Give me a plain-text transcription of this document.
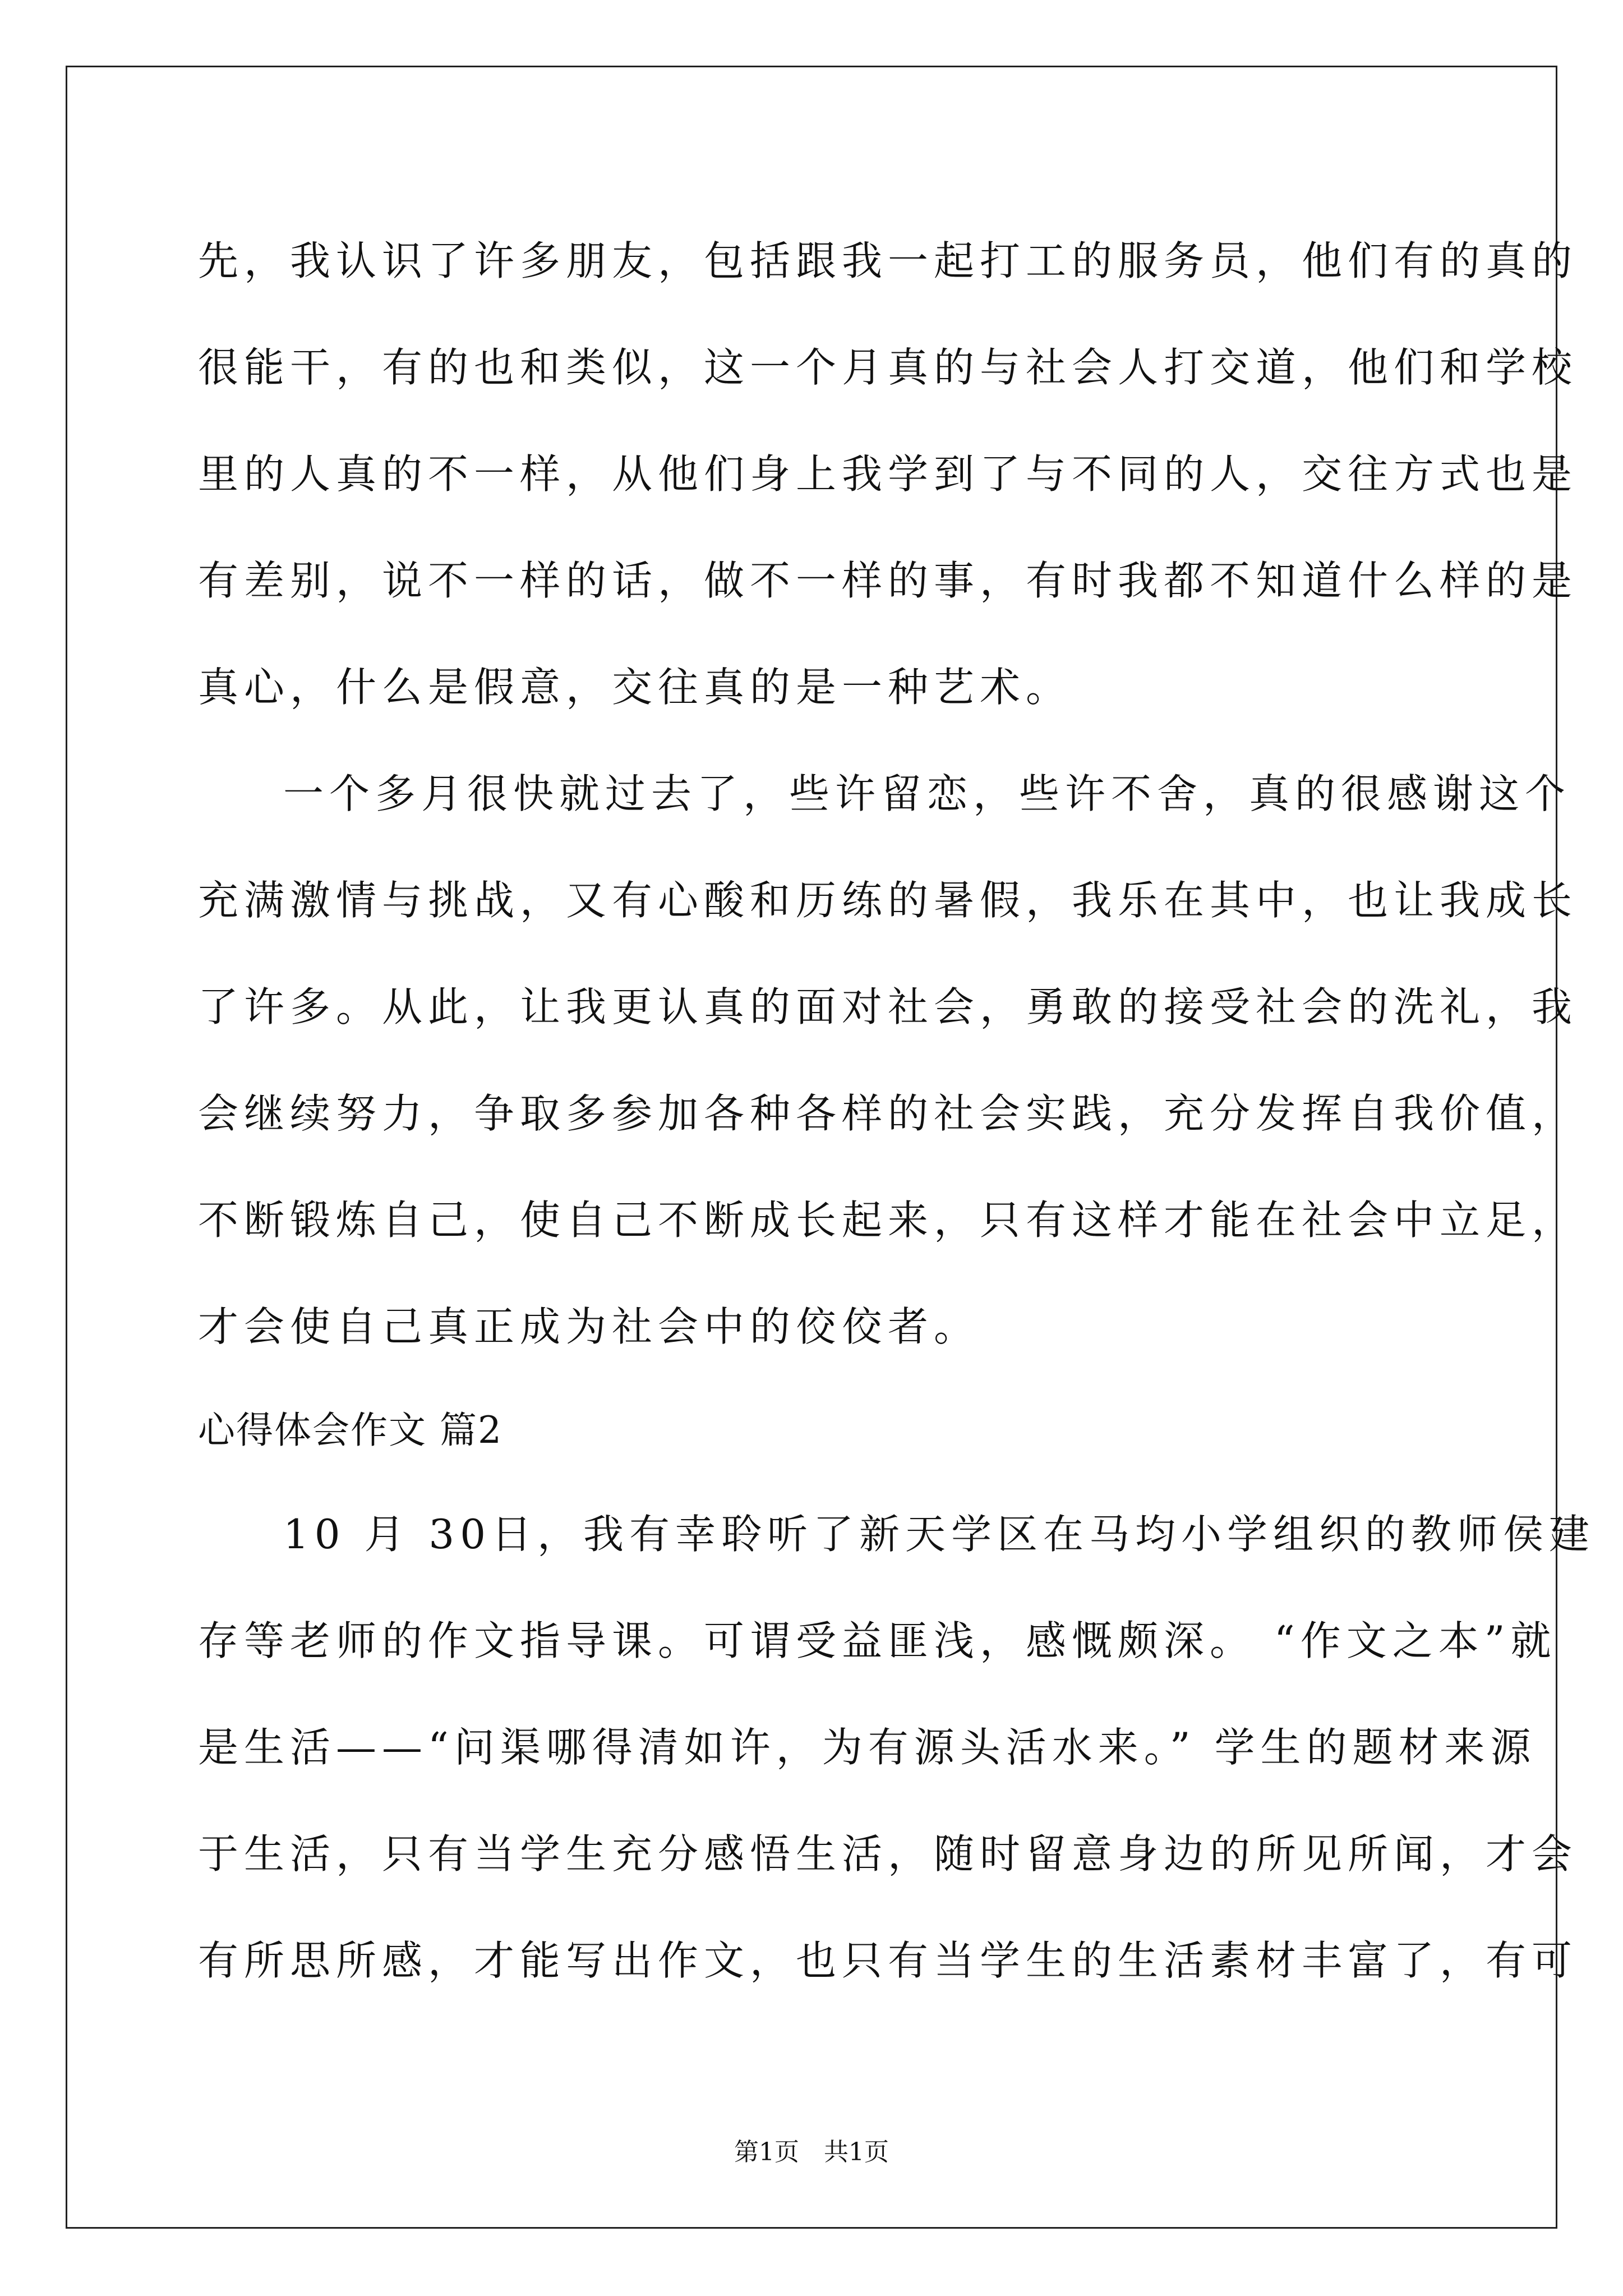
先，我认识了许多朋友，包括跟我一起打工的服务员，他们有的真的
很能干，有的也和类似，这一个月真的与社会人打交道，他们和学校
里的人真的不一样，从他们身上我学到了与不同的人，交往方式也是
有差别，说不一样的话，做不一样的事，有时我都不知道什么样的是
真心，什么是假意，交往真的是一种艺术。
一个多月很快就过去了，些许留恋，些许不舍，真的很感谢这个
充满激情与挑战，又有心酸和历练的暑假，我乐在其中，也让我成长
了许多。从此，让我更认真的面对社会，勇敢的接受社会的洗礼，我
会继续努力，争取多参加各种各样的社会实践，充分发挥自我价值，
不断锻炼自己，使自己不断成长起来，只有这样才能在社会中立足，
才会使自己真正成为社会中的佼佼者。
心得体会作文 篇2
10 月 30日，我有幸聆听了新天学区在马均小学组织的教师侯建
存等老师的作文指导课。可谓受益匪浅，感慨颇深。 “作文之本”就
是生活——“问渠哪得清如许，为有源头活水来。” 学生的题材来源
于生活，只有当学生充分感悟生活，随时留意身边的所见所闻，才会
有所思所感，才能写出作文，也只有当学生的生活素材丰富了，有可
第1页　共1页
